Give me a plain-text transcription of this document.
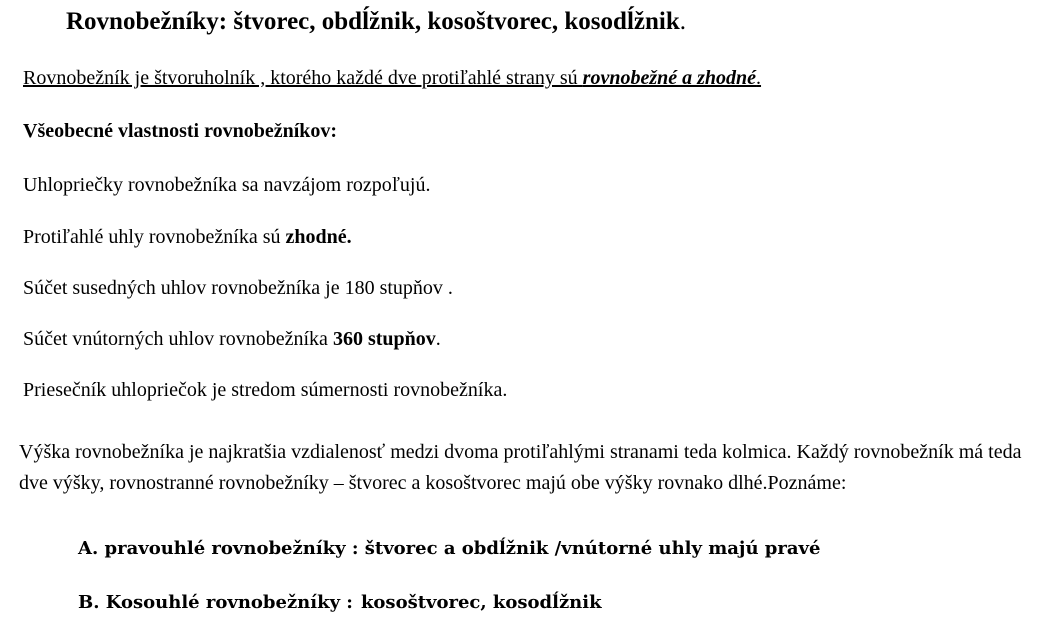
Rovnobežníky: štvorec, obdĺžnik, kosoštvorec, kosodĺžnik.
Rovnobežník je štvoruholník , ktorého každé dve protiľahlé strany sú rovnobežné a zhodné.
Všeobecné vlastnosti rovnobežníkov:
Uhlopriečky rovnobežníka sa navzájom rozpoľujú.
Protiľahlé uhly rovnobežníka sú zhodné.
Súčet susedných uhlov rovnobežníka je 180 stupňov .
Súčet vnútorných uhlov rovnobežníka 360 stupňov.
Priesečník uhlopriečok je stredom súmernosti rovnobežníka.
Výška rovnobežníka je najkratšia vzdialenosť medzi dvoma protiľahlými stranami teda kolmica. Každý rovnobežník má teda dve výšky, rovnostranné rovnobežníky – štvorec a kosoštvorec majú obe výšky rovnako dlhé.Poznáme:
A. pravouhlé rovnobežníky : štvorec a obdĺžnik /vnútorné uhly majú pravé
B. Kosouhlé rovnobežníky : kosoštvorec, kosodĺžnik
